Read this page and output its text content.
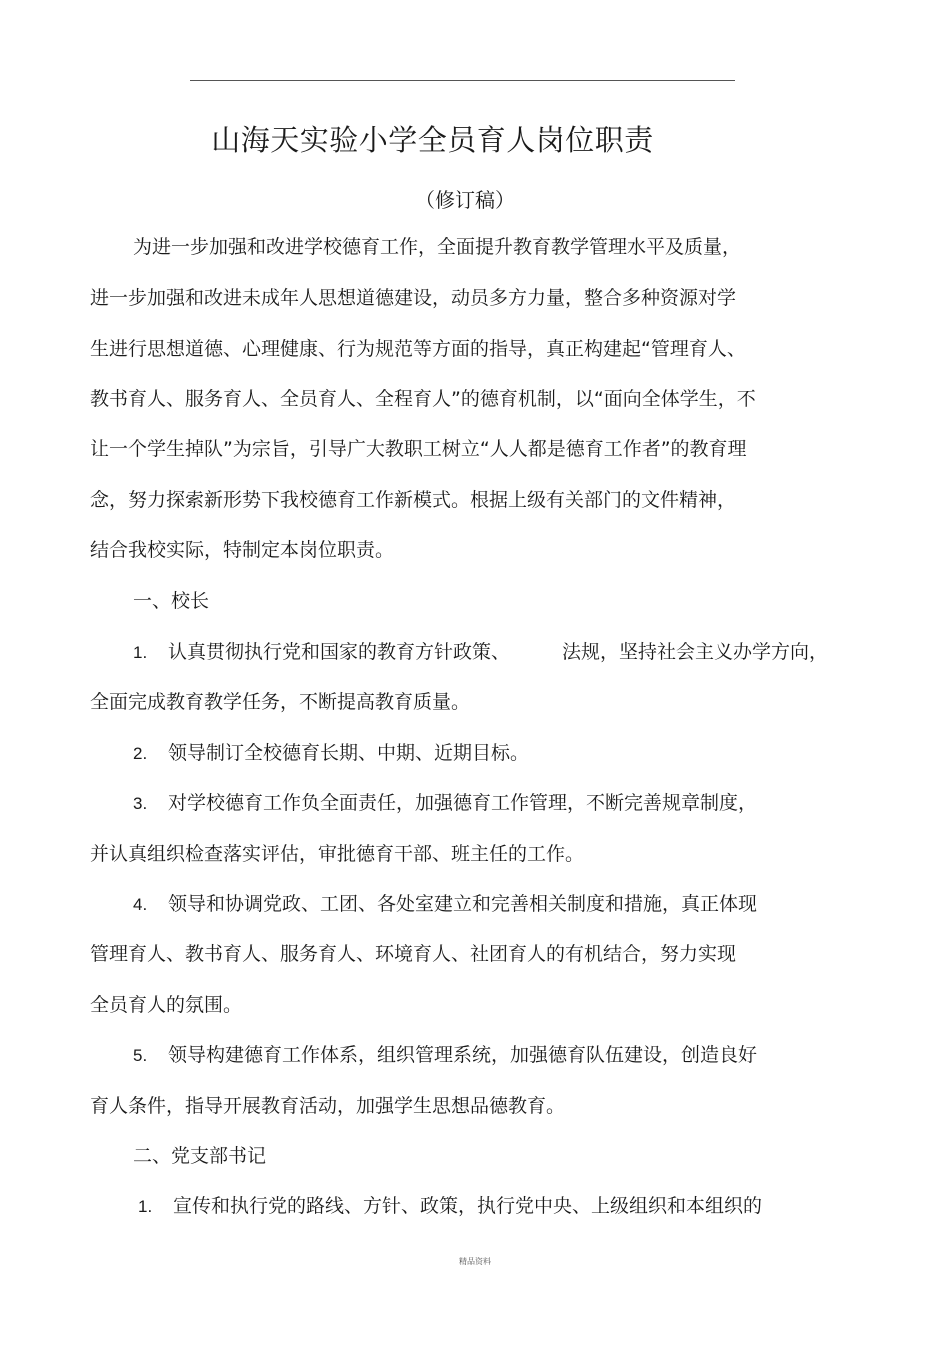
山海天实验小学全员育人岗位职责
（修订稿）
为进一步加强和改进学校德育工作，全面提升教育教学管理水平及质量，
进一步加强和改进未成年人思想道德建设，动员多方力量，整合多种资源对学
生进行思想道德、心理健康、行为规范等方面的指导，真正构建起“管理育人、
教书育人、服务育人、全员育人、全程育人”的德育机制，以“面向全体学生，不
让一个学生掉队”为宗旨，引导广大教职工树立“人人都是德育工作者”的教育理
念，努力探索新形势下我校德育工作新模式。根据上级有关部门的文件精神，
结合我校实际，特制定本岗位职责。
一、校长
1. 认真贯彻执行党和国家的教育方针政策、	法规，坚持社会主义办学方向，
全面完成教育教学任务，不断提高教育质量。
2. 领导制订全校德育长期、中期、近期目标。
3. 对学校德育工作负全面责任，加强德育工作管理，不断完善规章制度，
并认真组织检查落实评估，审批德育干部、班主任的工作。
4. 领导和协调党政、工团、各处室建立和完善相关制度和措施，真正体现
管理育人、教书育人、服务育人、环境育人、社团育人的有机结合，努力实现
全员育人的氛围。
5. 领导构建德育工作体系，组织管理系统，加强德育队伍建设，创造良好
育人条件，指导开展教育活动，加强学生思想品德教育。
二、党支部书记
1. 宣传和执行党的路线、方针、政策，执行党中央、上级组织和本组织的
精品资料
